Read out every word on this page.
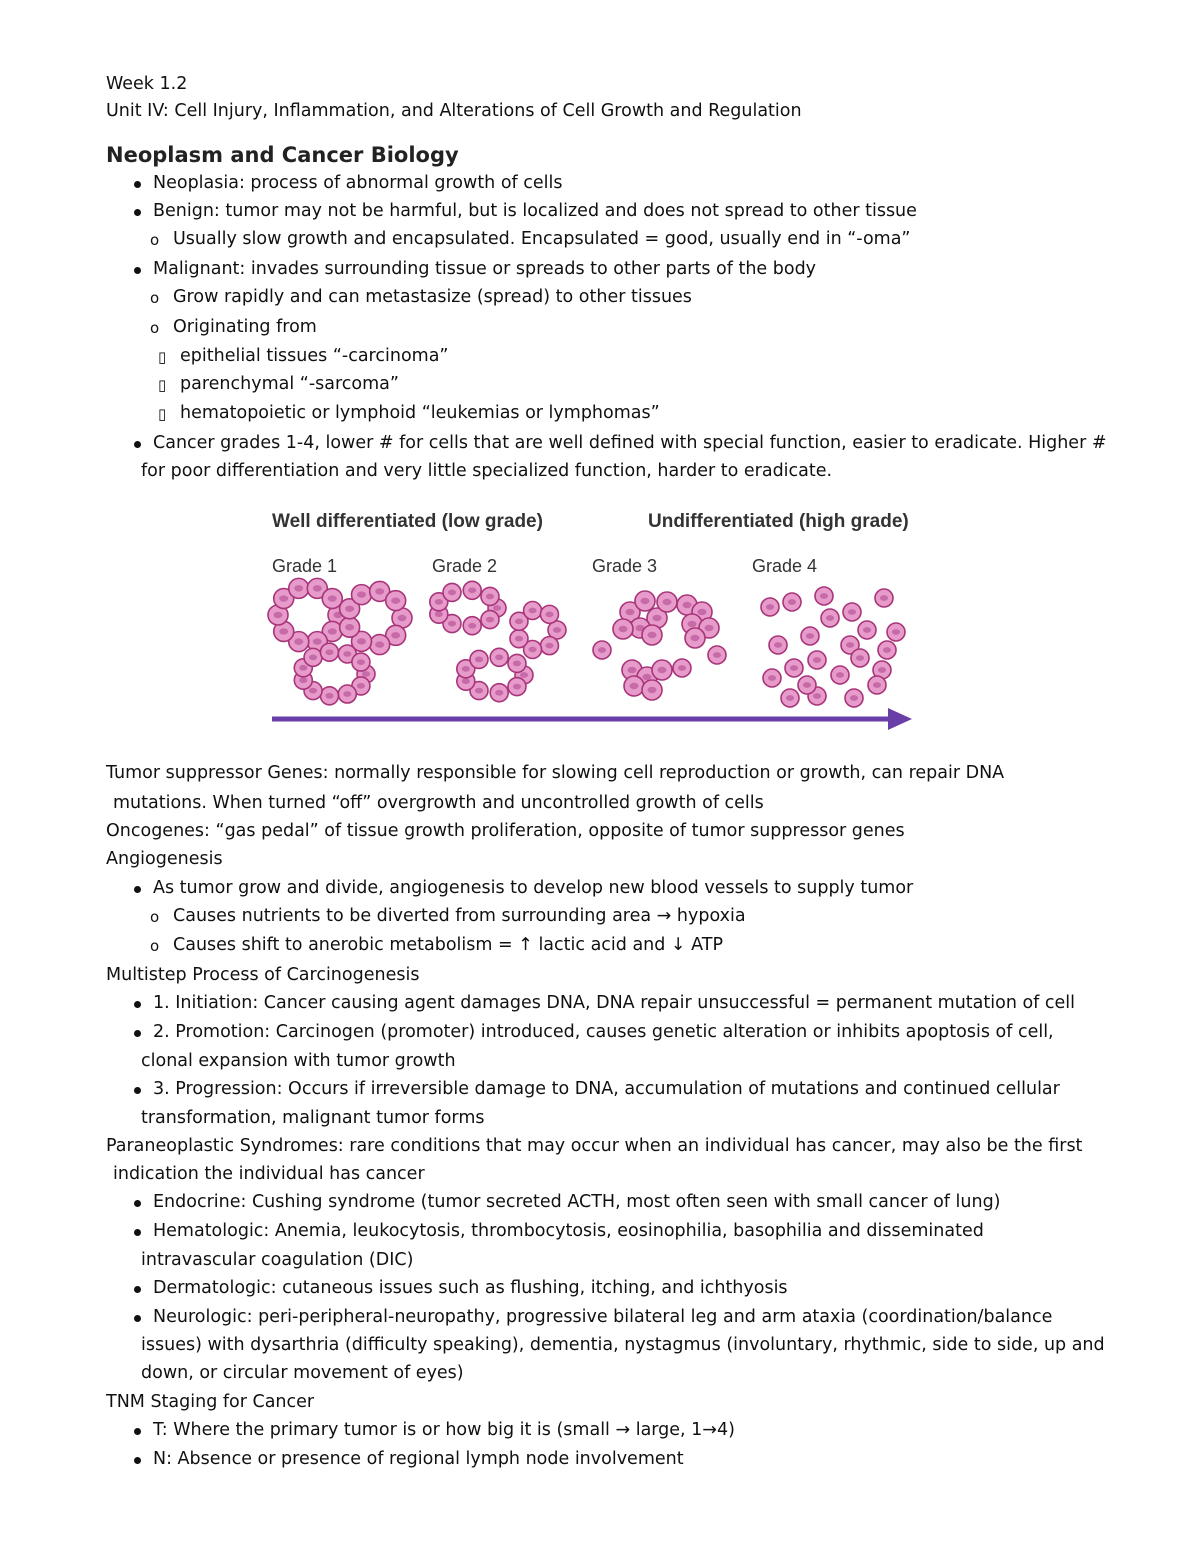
Week 1.2
Unit IV: Cell Injury, Inflammation, and Alterations of Cell Growth and Regulation
Neoplasm and Cancer Biology
Neoplasia: process of abnormal growth of cells
Benign: tumor may not be harmful, but is localized and does not spread to other tissue
o Usually slow growth and encapsulated. Encapsulated = good, usually end in “-oma”
Malignant: invades surrounding tissue or spreads to other parts of the body
o Grow rapidly and can metastasize (spread) to other tissues
o Originating from
▯ epithelial tissues “-carcinoma”
▯ parenchymal “-sarcoma”
▯ hematopoietic or lymphoid “leukemias or lymphomas”
Cancer grades 1-4, lower # for cells that are well defined with special function, easier to eradicate. Higher #
for poor differentiation and very little specialized function, harder to eradicate.
Well differentiated (low grade)	Undifferentiated (high grade)
Grade 1	Grade 2	Grade 3	Grade 4
Tumor suppressor Genes: normally responsible for slowing cell reproduction or growth, can repair DNA
mutations. When turned “off” overgrowth and uncontrolled growth of cells
Oncogenes: “gas pedal” of tissue growth proliferation, opposite of tumor suppressor genes
Angiogenesis
As tumor grow and divide, angiogenesis to develop new blood vessels to supply tumor
o Causes nutrients to be diverted from surrounding area → hypoxia
o Causes shift to anerobic metabolism = ↑ lactic acid and ↓ ATP
Multistep Process of Carcinogenesis
1. Initiation: Cancer causing agent damages DNA, DNA repair unsuccessful = permanent mutation of cell
2. Promotion: Carcinogen (promoter) introduced, causes genetic alteration or inhibits apoptosis of cell,
clonal expansion with tumor growth
3. Progression: Occurs if irreversible damage to DNA, accumulation of mutations and continued cellular
transformation, malignant tumor forms
Paraneoplastic Syndromes: rare conditions that may occur when an individual has cancer, may also be the first
indication the individual has cancer
Endocrine: Cushing syndrome (tumor secreted ACTH, most often seen with small cancer of lung)
Hematologic: Anemia, leukocytosis, thrombocytosis, eosinophilia, basophilia and disseminated
intravascular coagulation (DIC)
Dermatologic: cutaneous issues such as flushing, itching, and ichthyosis
Neurologic: peri-peripheral-neuropathy, progressive bilateral leg and arm ataxia (coordination/balance
issues) with dysarthria (difficulty speaking), dementia, nystagmus (involuntary, rhythmic, side to side, up and
down, or circular movement of eyes)
TNM Staging for Cancer
T: Where the primary tumor is or how big it is (small → large, 1→4)
N: Absence or presence of regional lymph node involvement
